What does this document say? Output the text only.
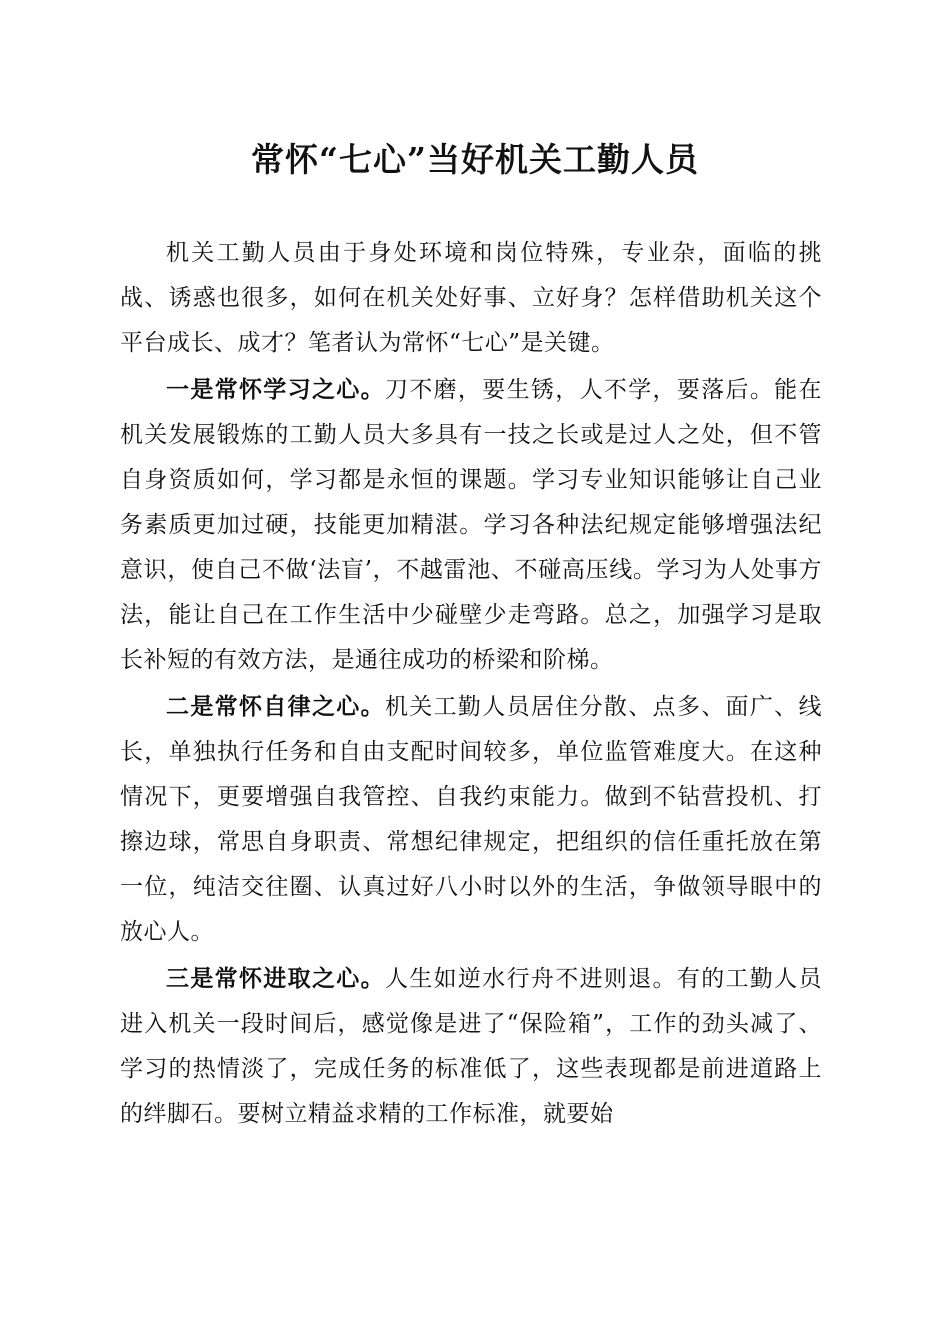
常怀“七心”当好机关工勤人员

机关工勤人员由于身处环境和岗位特殊，专业杂，面临的挑战、诱惑也很多，如何在机关处好事、立好身？怎样借助机关这个平台成长、成才？笔者认为常怀“七心”是关键。

一是常怀学习之心。刀不磨，要生锈，人不学，要落后。能在机关发展锻炼的工勤人员大多具有一技之长或是过人之处，但不管自身资质如何，学习都是永恒的课题。学习专业知识能够让自己业务素质更加过硬，技能更加精湛。学习各种法纪规定能够增强法纪意识，使自己不做‘法盲’，不越雷池、不碰高压线。学习为人处事方法，能让自己在工作生活中少碰壁少走弯路。总之，加强学习是取长补短的有效方法，是通往成功的桥梁和阶梯。

二是常怀自律之心。机关工勤人员居住分散、点多、面广、线长，单独执行任务和自由支配时间较多，单位监管难度大。在这种情况下，更要增强自我管控、自我约束能力。做到不钻营投机、打擦边球，常思自身职责、常想纪律规定，把组织的信任重托放在第一位，纯洁交往圈、认真过好八小时以外的生活，争做领导眼中的放心人。

三是常怀进取之心。人生如逆水行舟不进则退。有的工勤人员进入机关一段时间后，感觉像是进了“保险箱”，工作的劲头减了、学习的热情淡了，完成任务的标准低了，这些表现都是前进道路上的绊脚石。要树立精益求精的工作标准，就要始
